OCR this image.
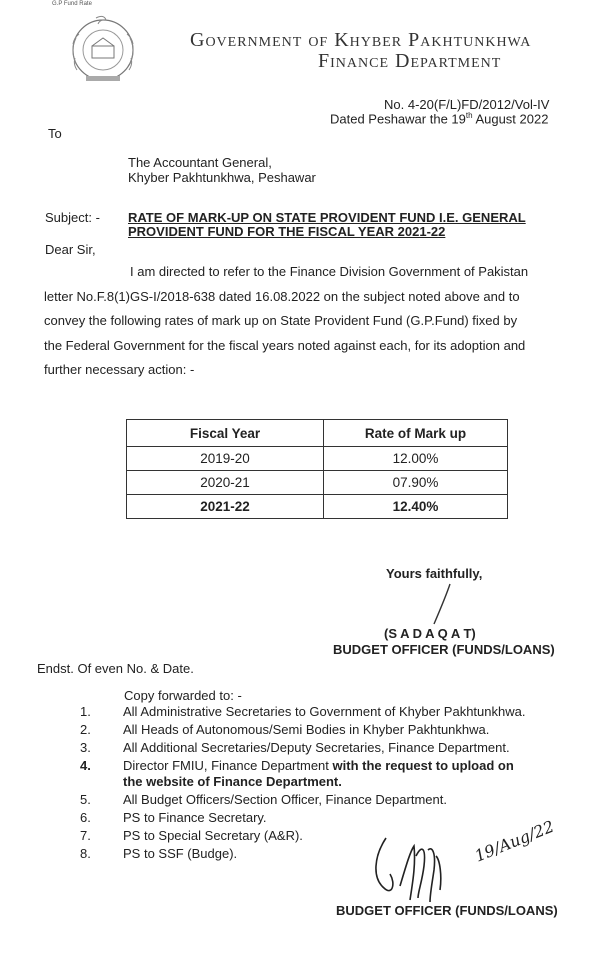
G.P Fund Rate
Government of Khyber Pakhtunkhwa
Finance Department
No. 4-20(F/L)FD/2012/Vol-IV
Dated Peshawar the 19th August 2022
To
The Accountant General,
Khyber Pakhtunkhwa, Peshawar
Subject: - RATE OF MARK-UP ON STATE PROVIDENT FUND I.E. GENERAL
PROVIDENT FUND FOR THE FISCAL YEAR 2021-22
Dear Sir,
I am directed to refer to the Finance Division Government of Pakistan
letter No.F.8(1)GS-I/2018-638 dated 16.08.2022 on the subject noted above and to
convey the following rates of mark up on State Provident Fund (G.P.Fund) fixed by
the Federal Government for the fiscal years noted against each, for its adoption and
further necessary action: -
Fiscal Year	Rate of Mark up
2019-20	12.00%
2020-21	07.90%
2021-22	12.40%
Yours faithfully,
(S A D A Q A T)
BUDGET OFFICER (FUNDS/LOANS)
Endst. Of even No. & Date.
Copy forwarded to: -
1.	All Administrative Secretaries to Government of Khyber Pakhtunkhwa.
2.	All Heads of Autonomous/Semi Bodies in Khyber Pakhtunkhwa.
3.	All Additional Secretaries/Deputy Secretaries, Finance Department.
4.	Director FMIU, Finance Department with the request to upload on
the website of Finance Department.
5.	All Budget Officers/Section Officer, Finance Department.
6.	PS to Finance Secretary.
7.	PS to Special Secretary (A&R).
8.	PS to SSF (Budge).	19/Aug/22
BUDGET OFFICER (FUNDS/LOANS)
